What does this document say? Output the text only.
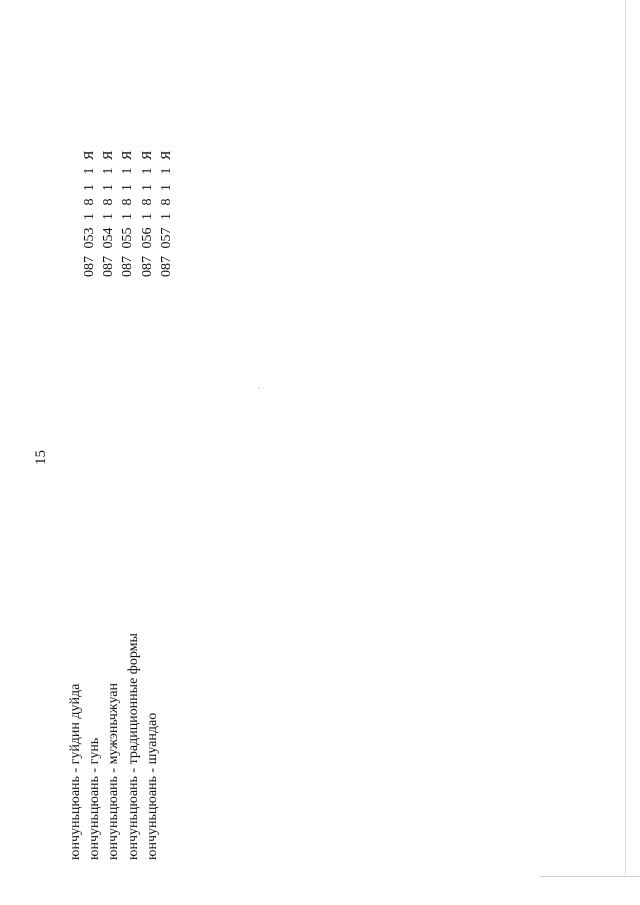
15
юнчуньцюань - гуйдин дуйда юнчуньцюань - гунь юнчуньцюань - мужэньчжуан юнчуньцюань - традиционные формы юнчуньцюань - шуандао
087 053 1 8 1 1 Я
087 054 1 8 1 1 Я
087 055 1 8 1 1 Я
087 056 1 8 1 1 Я
087 057 1 8 1 1 Я
